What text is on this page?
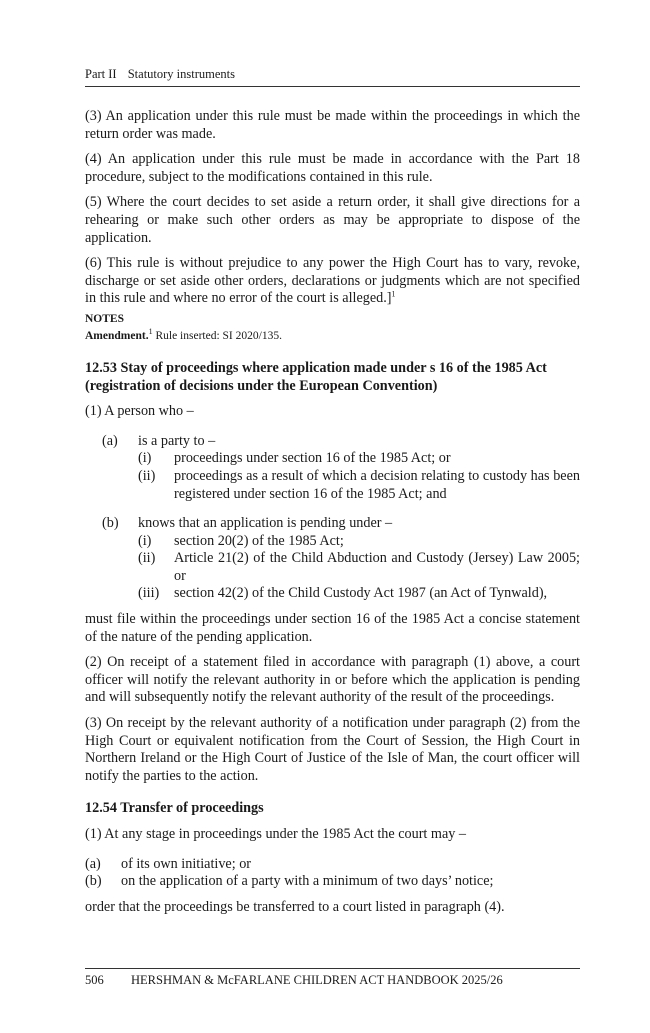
Part II Statutory instruments

(3) An application under this rule must be made within the proceedings in which the return order was made.

(4) An application under this rule must be made in accordance with the Part 18 procedure, subject to the modifications contained in this rule.

(5) Where the court decides to set aside a return order, it shall give directions for a rehearing or make such other orders as may be appropriate to dispose of the application.

(6) This rule is without prejudice to any power the High Court has to vary, revoke, discharge or set aside other orders, declarations or judgments which are not specified in this rule and where no error of the court is alleged.]$^1$

NOTES
Amendment.$^1$ Rule inserted: SI 2020/135.
12.53 Stay of proceedings where application made under s 16 of the 1985 Act (registration of decisions under the European Convention)

(1) A person who –

(a)	is a party to –
(i)	proceedings under section 16 of the 1985 Act; or
(ii)	proceedings as a result of which a decision relating to custody has been registered under section 16 of the 1985 Act; and
(b)	knows that an application is pending under –
(i)	section 20(2) of the 1985 Act;
(ii)	Article 21(2) of the Child Abduction and Custody (Jersey) Law 2005; or
(iii)	section 42(2) of the Child Custody Act 1987 (an Act of Tynwald),

must file within the proceedings under section 16 of the 1985 Act a concise statement of the nature of the pending application.

(2) On receipt of a statement filed in accordance with paragraph (1) above, a court officer will notify the relevant authority in or before which the application is pending and will subsequently notify the relevant authority of the result of the proceedings.

(3) On receipt by the relevant authority of a notification under paragraph (2) from the High Court or equivalent notification from the Court of Session, the High Court in Northern Ireland or the High Court of Justice of the Isle of Man, the court officer will notify the parties to the action.

12.54 Transfer of proceedings

(1) At any stage in proceedings under the 1985 Act the court may –

(a)	of its own initiative; or
(b)	on the application of a party with a minimum of two days’ notice;

order that the proceedings be transferred to a court listed in paragraph (4).

506 HERSHMAN & McFARLANE CHILDREN ACT HANDBOOK 2025/26
